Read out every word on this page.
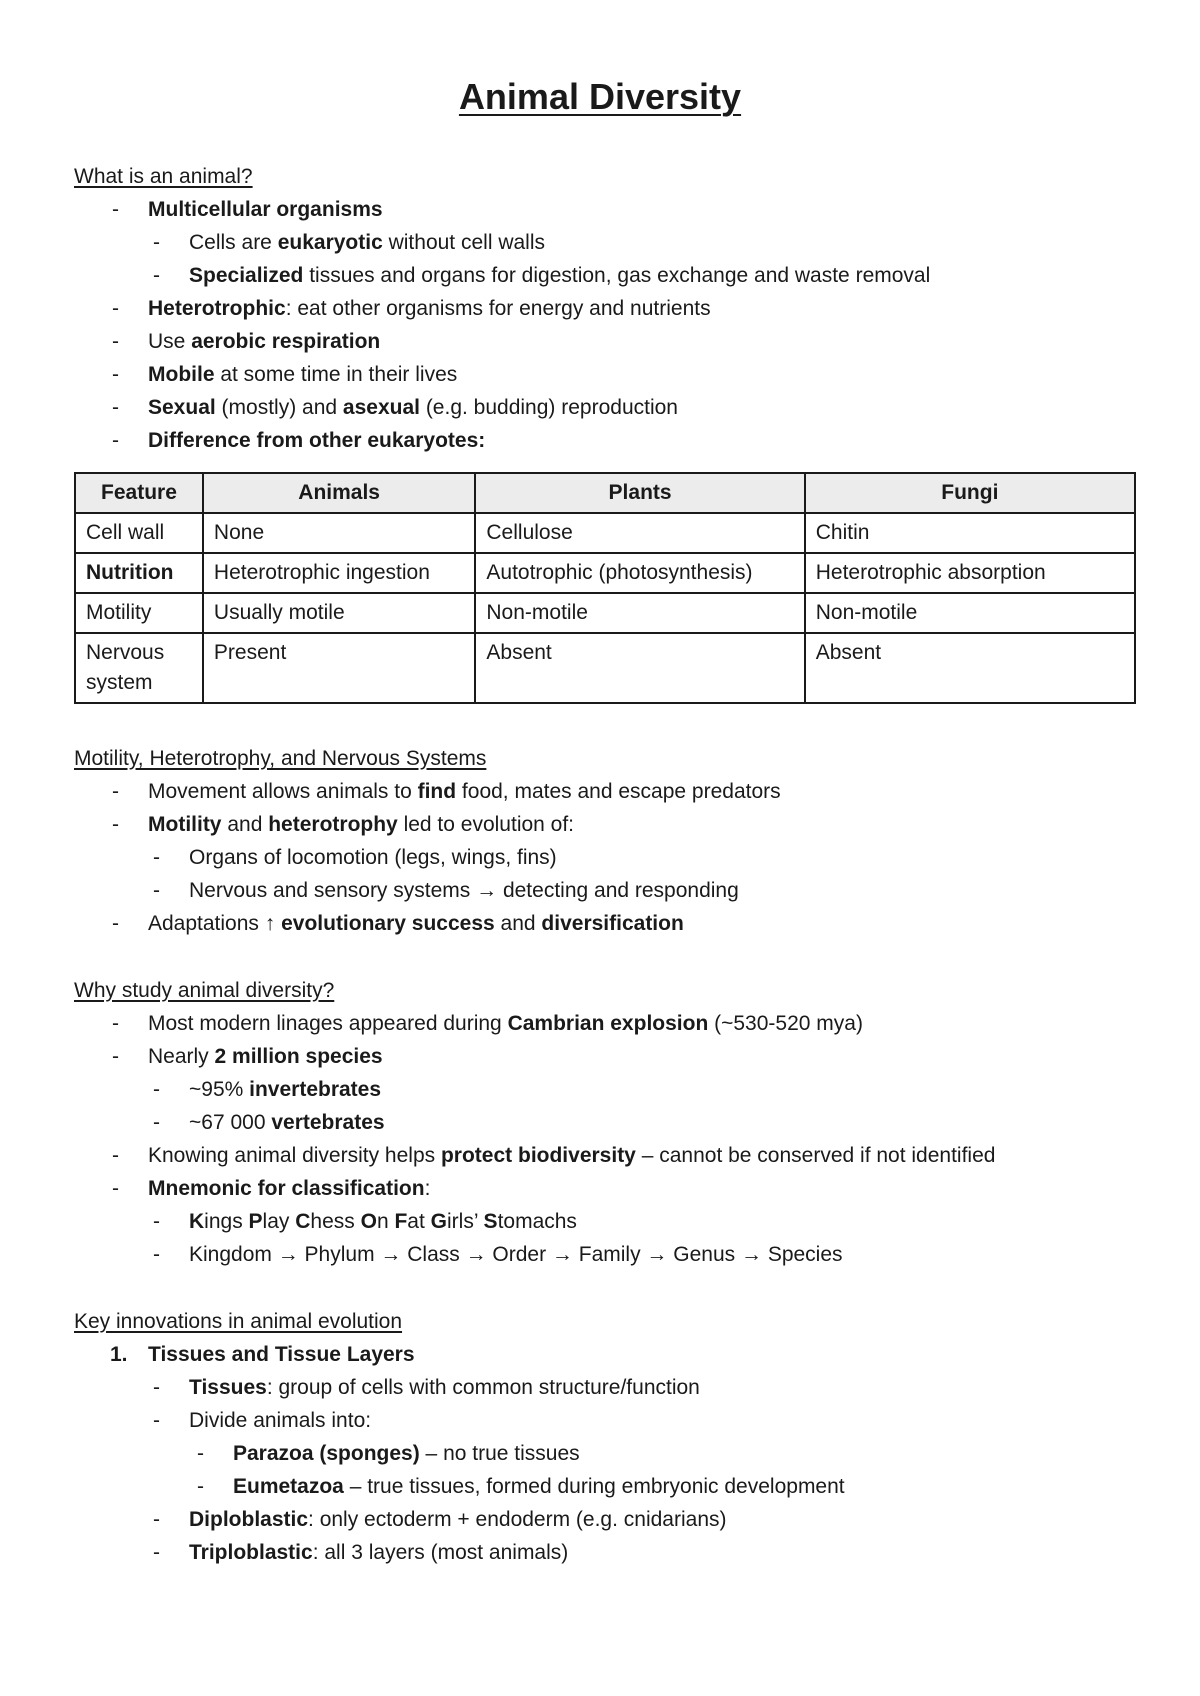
Animal Diversity
What is an animal?
-	Multicellular organisms
-	Cells are eukaryotic without cell walls
-	Specialized tissues and organs for digestion, gas exchange and waste removal
-	Heterotrophic: eat other organisms for energy and nutrients
-	Use aerobic respiration
-	Mobile at some time in their lives
-	Sexual (mostly) and asexual (e.g. budding) reproduction
-	Difference from other eukaryotes:
Feature	Animals	Plants	Fungi
Cell wall	None	Cellulose	Chitin
Nutrition	Heterotrophic ingestion	Autotrophic (photosynthesis)	Heterotrophic absorption
Motility	Usually motile	Non-motile	Non-motile
Nervous system	Present	Absent	Absent
Motility, Heterotrophy, and Nervous Systems
-	Movement allows animals to find food, mates and escape predators
-	Motility and heterotrophy led to evolution of:
-	Organs of locomotion (legs, wings, fins)
-	Nervous and sensory systems → detecting and responding
-	Adaptations ↑ evolutionary success and diversification
Why study animal diversity?
-	Most modern linages appeared during Cambrian explosion (~530-520 mya)
-	Nearly 2 million species
-	~95% invertebrates
-	~67 000 vertebrates
-	Knowing animal diversity helps protect biodiversity – cannot be conserved if not identified
-	Mnemonic for classification:
-	Kings Play Chess On Fat Girls’ Stomachs
-	Kingdom → Phylum → Class → Order → Family → Genus → Species
Key innovations in animal evolution
1. Tissues and Tissue Layers
-	Tissues: group of cells with common structure/function
-	Divide animals into:
-	Parazoa (sponges) – no true tissues
-	Eumetazoa – true tissues, formed during embryonic development
-	Diploblastic: only ectoderm + endoderm (e.g. cnidarians)
-	Triploblastic: all 3 layers (most animals)
